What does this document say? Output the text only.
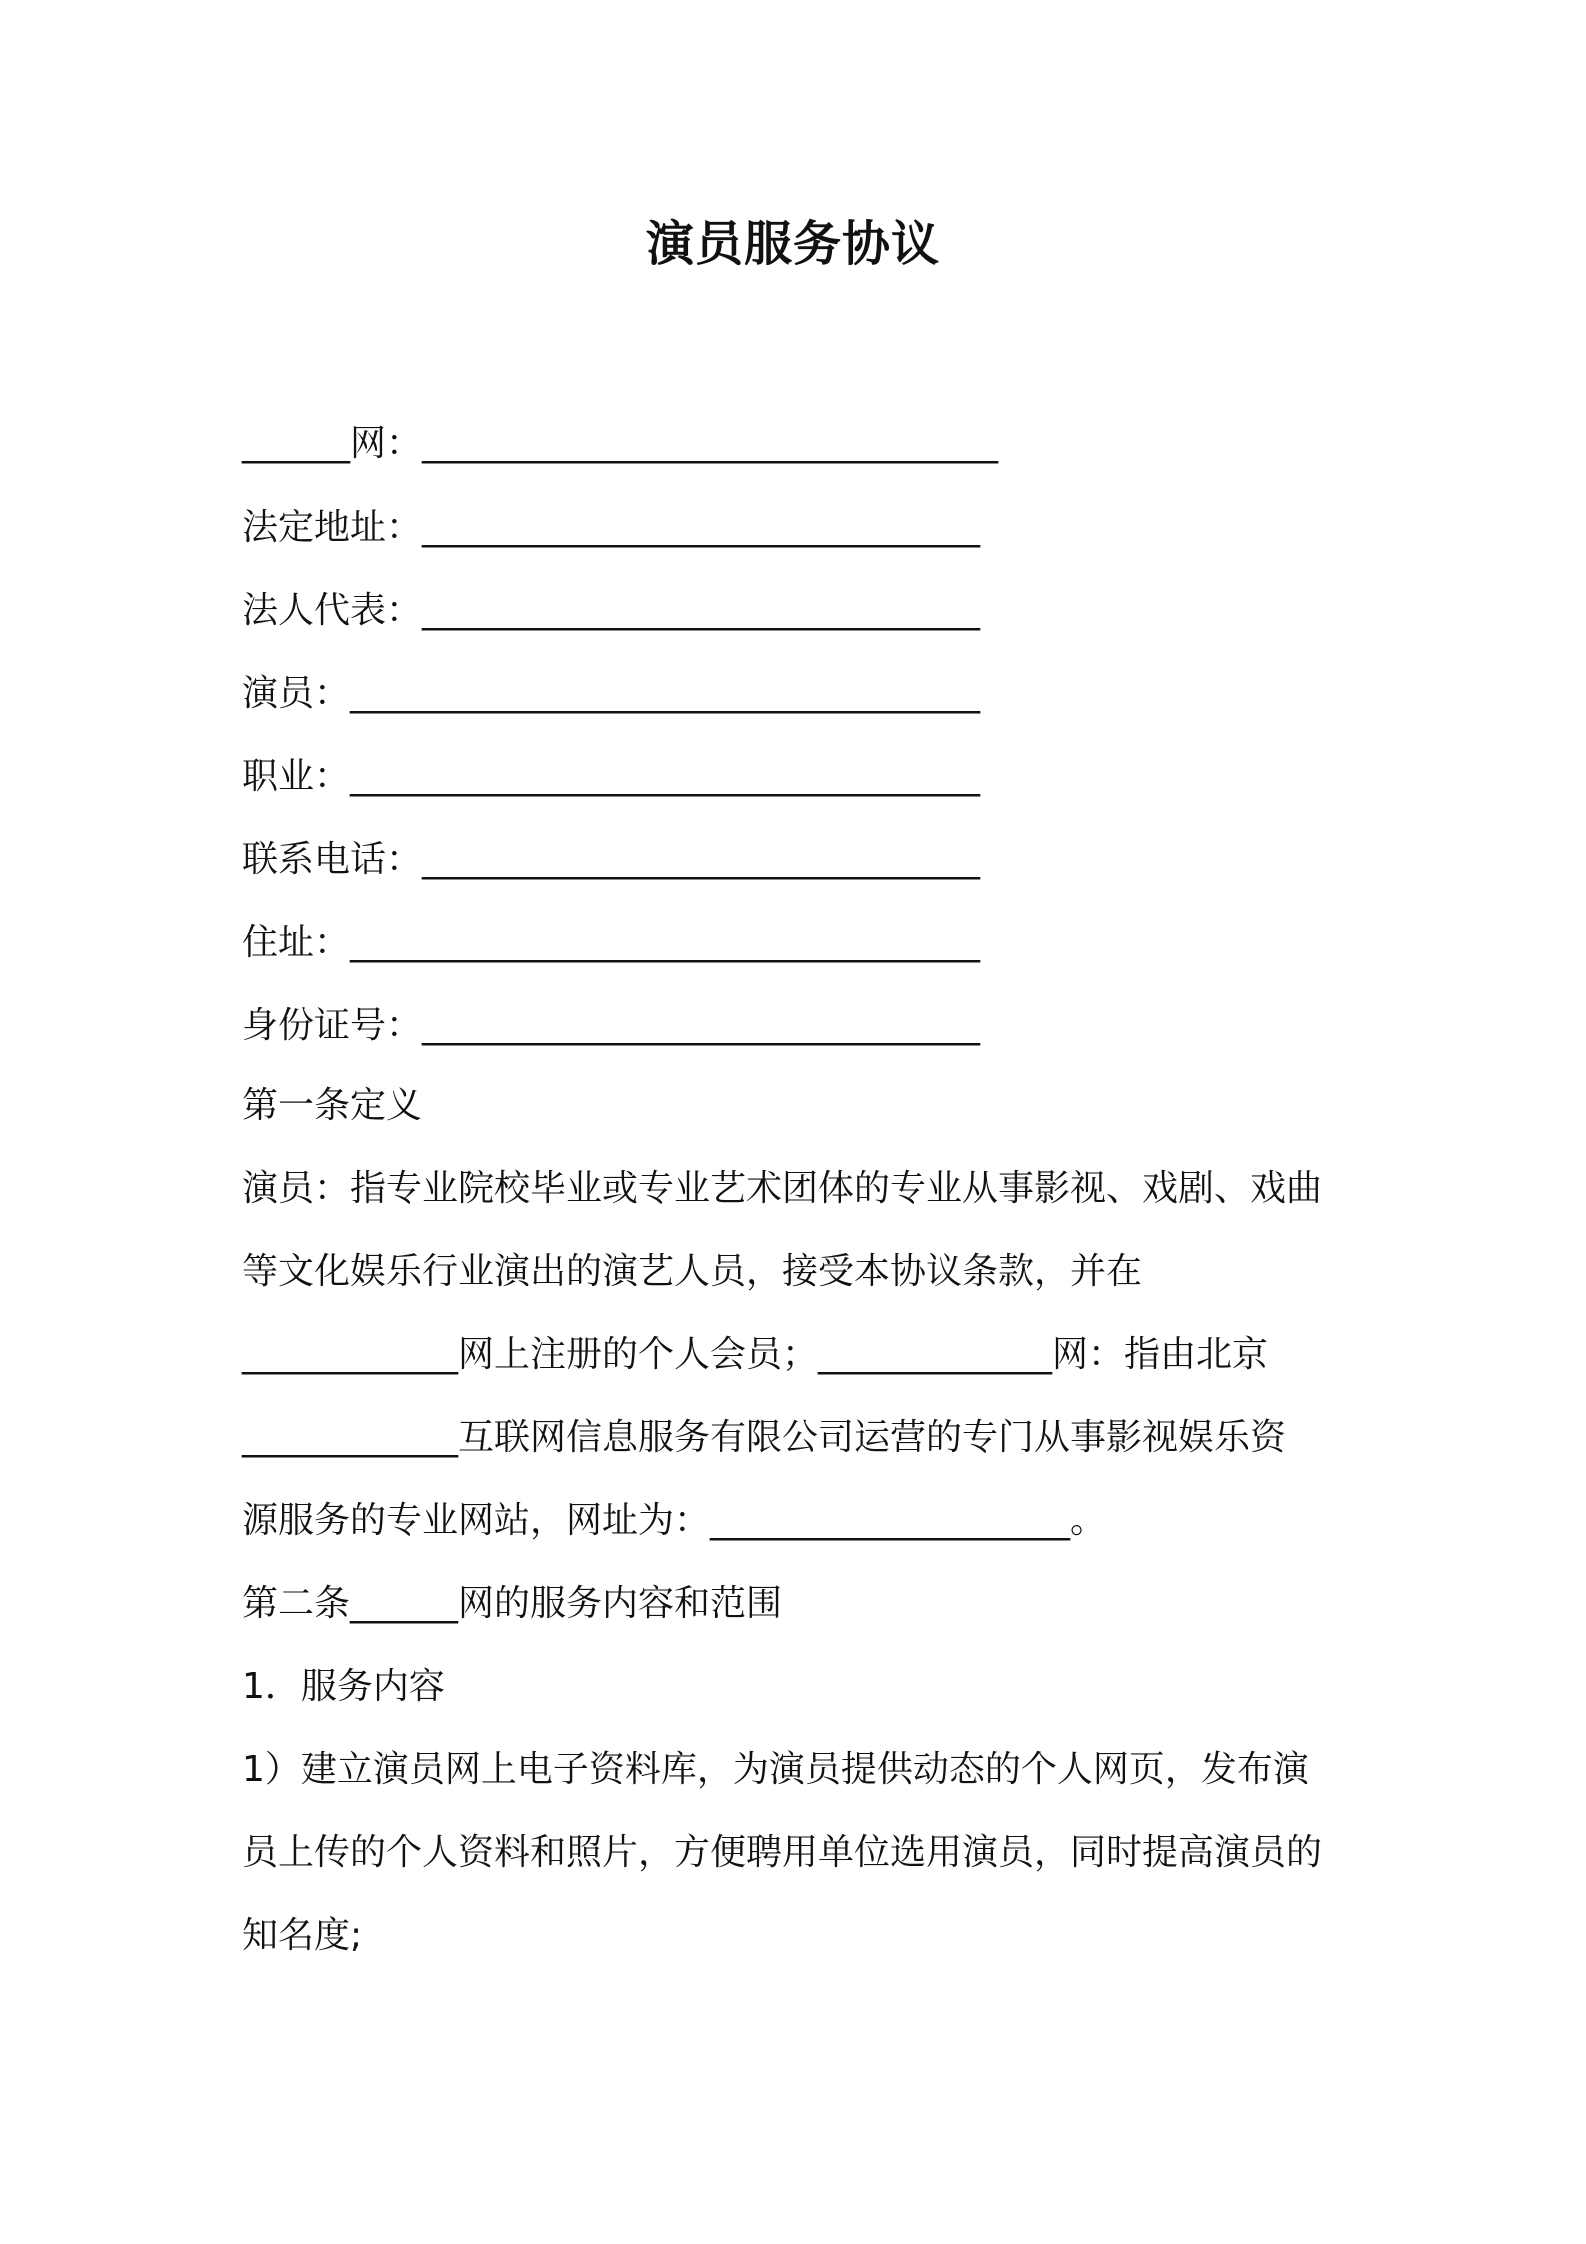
演员服务协议

______网：________________________________

法定地址：_______________________________

法人代表：_______________________________

演员：___________________________________

职业：___________________________________

联系电话：_______________________________

住址：___________________________________

身份证号：_______________________________

第一条定义

演员：指专业院校毕业或专业艺术团体的专业从事影视、戏剧、戏曲

等文化娱乐行业演出的演艺人员，接受本协议条款，并在

____________网上注册的个人会员；_____________网：指由北京

____________互联网信息服务有限公司运营的专门从事影视娱乐资

源服务的专业网站，网址为：____________________。

第二条______网的服务内容和范围

1．服务内容

1）建立演员网上电子资料库，为演员提供动态的个人网页，发布演

员上传的个人资料和照片，方便聘用单位选用演员，同时提高演员的

知名度;
